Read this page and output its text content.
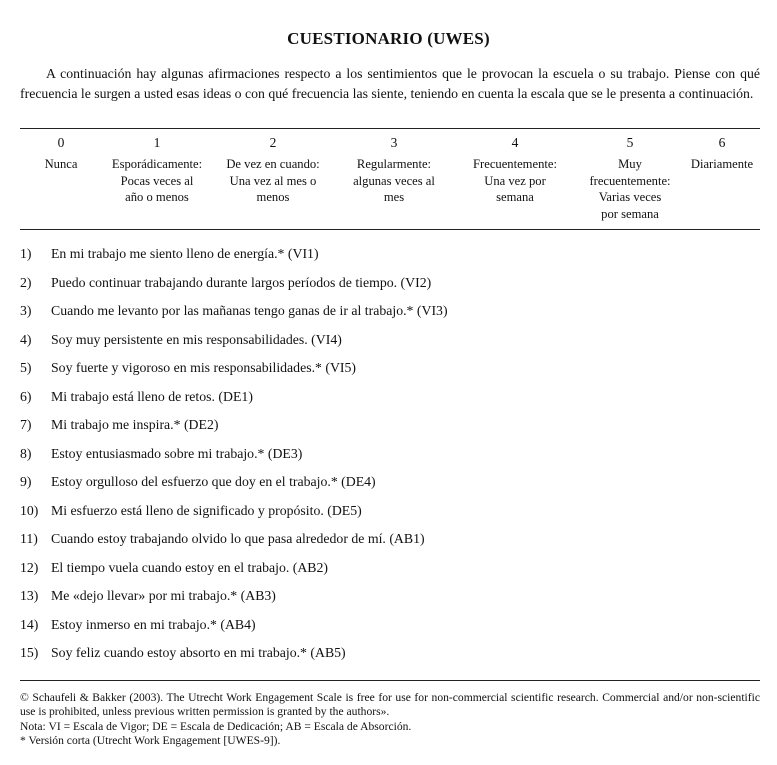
CUESTIONARIO (UWES)
A continuación hay algunas afirmaciones respecto a los sentimientos que le provocan la escuela o su trabajo. Piense con qué frecuencia le surgen a usted esas ideas o con qué frecuencia las siente, teniendo en cuenta la escala que se le presenta a continuación.
0
Nunca
1
Esporádicamente:
Pocas veces al
año o menos
2
De vez en cuando:
Una vez al mes o
menos
3
Regularmente:
algunas veces al
mes
4
Frecuentemente:
Una vez por
semana
5
Muy
frecuentemente:
Varias veces
por semana
6
Diariamente
1) En mi trabajo me siento lleno de energía.* (VI1)
2) Puedo continuar trabajando durante largos períodos de tiempo. (VI2)
3) Cuando me levanto por las mañanas tengo ganas de ir al trabajo.* (VI3)
4) Soy muy persistente en mis responsabilidades. (VI4)
5) Soy fuerte y vigoroso en mis responsabilidades.* (VI5)
6) Mi trabajo está lleno de retos. (DE1)
7) Mi trabajo me inspira.* (DE2)
8) Estoy entusiasmado sobre mi trabajo.* (DE3)
9) Estoy orgulloso del esfuerzo que doy en el trabajo.* (DE4)
10) Mi esfuerzo está lleno de significado y propósito. (DE5)
11) Cuando estoy trabajando olvido lo que pasa alrededor de mí. (AB1)
12) El tiempo vuela cuando estoy en el trabajo. (AB2)
13) Me «dejo llevar» por mi trabajo.* (AB3)
14) Estoy inmerso en mi trabajo.* (AB4)
15) Soy feliz cuando estoy absorto en mi trabajo.* (AB5)

© Schaufeli & Bakker (2003). The Utrecht Work Engagement Scale is free for use for non-commercial scientific research. Commercial and/or non-scientific use is prohibited, unless previous written permission is granted by the authors».

Nota: VI = Escala de Vigor; DE = Escala de Dedicación; AB = Escala de Absorción.

* Versión corta (Utrecht Work Engagement [UWES-9]).
